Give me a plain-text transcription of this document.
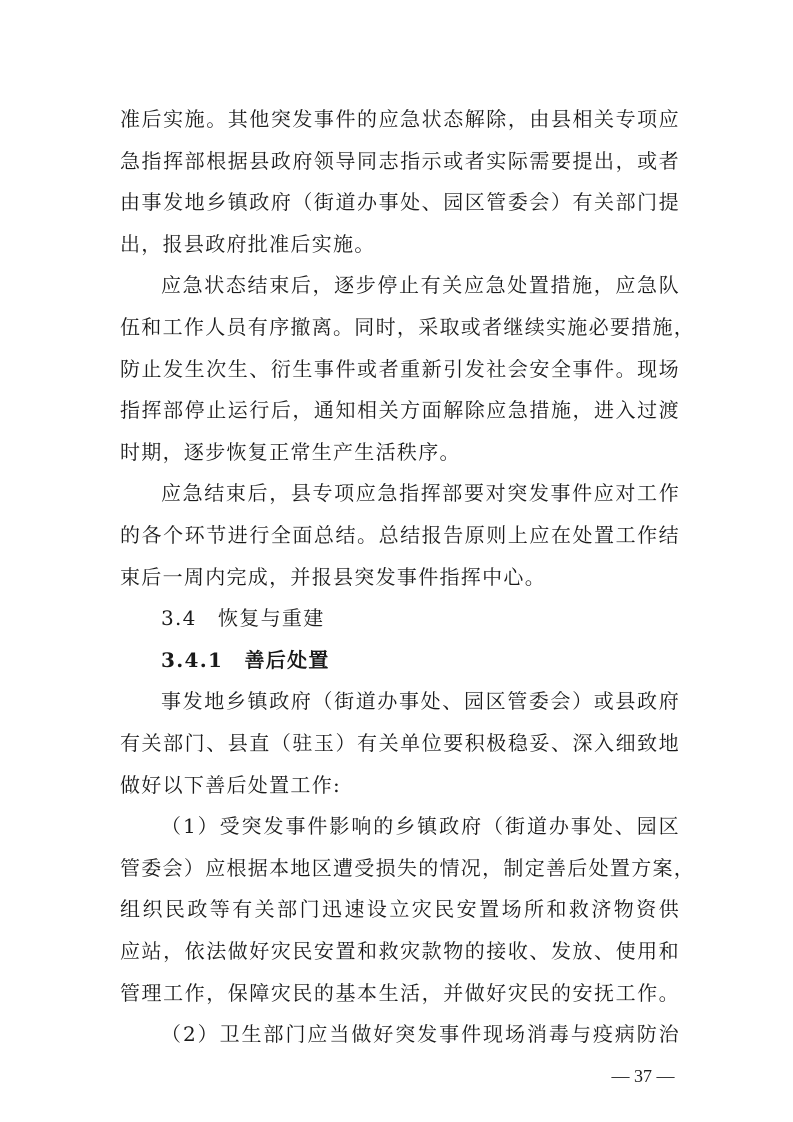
准后实施。其他突发事件的应急状态解除，由县相关专项应
急指挥部根据县政府领导同志指示或者实际需要提出，或者
由事发地乡镇政府（街道办事处、园区管委会）有关部门提
出，报县政府批准后实施。
应急状态结束后，逐步停止有关应急处置措施，应急队
伍和工作人员有序撤离。同时，采取或者继续实施必要措施，
防止发生次生、衍生事件或者重新引发社会安全事件。现场
指挥部停止运行后，通知相关方面解除应急措施，进入过渡
时期，逐步恢复正常生产生活秩序。
应急结束后，县专项应急指挥部要对突发事件应对工作
的各个环节进行全面总结。总结报告原则上应在处置工作结
束后一周内完成，并报县突发事件指挥中心。
3.4　恢复与重建
3.4.1　善后处置
事发地乡镇政府（街道办事处、园区管委会）或县政府
有关部门、县直（驻玉）有关单位要积极稳妥、深入细致地
做好以下善后处置工作:
（1）受突发事件影响的乡镇政府（街道办事处、园区
管委会）应根据本地区遭受损失的情况，制定善后处置方案，
组织民政等有关部门迅速设立灾民安置场所和救济物资供
应站，依法做好灾民安置和救灾款物的接收、发放、使用和
管理工作，保障灾民的基本生活，并做好灾民的安抚工作。
（2）卫生部门应当做好突发事件现场消毒与疫病防治
— 37 —
